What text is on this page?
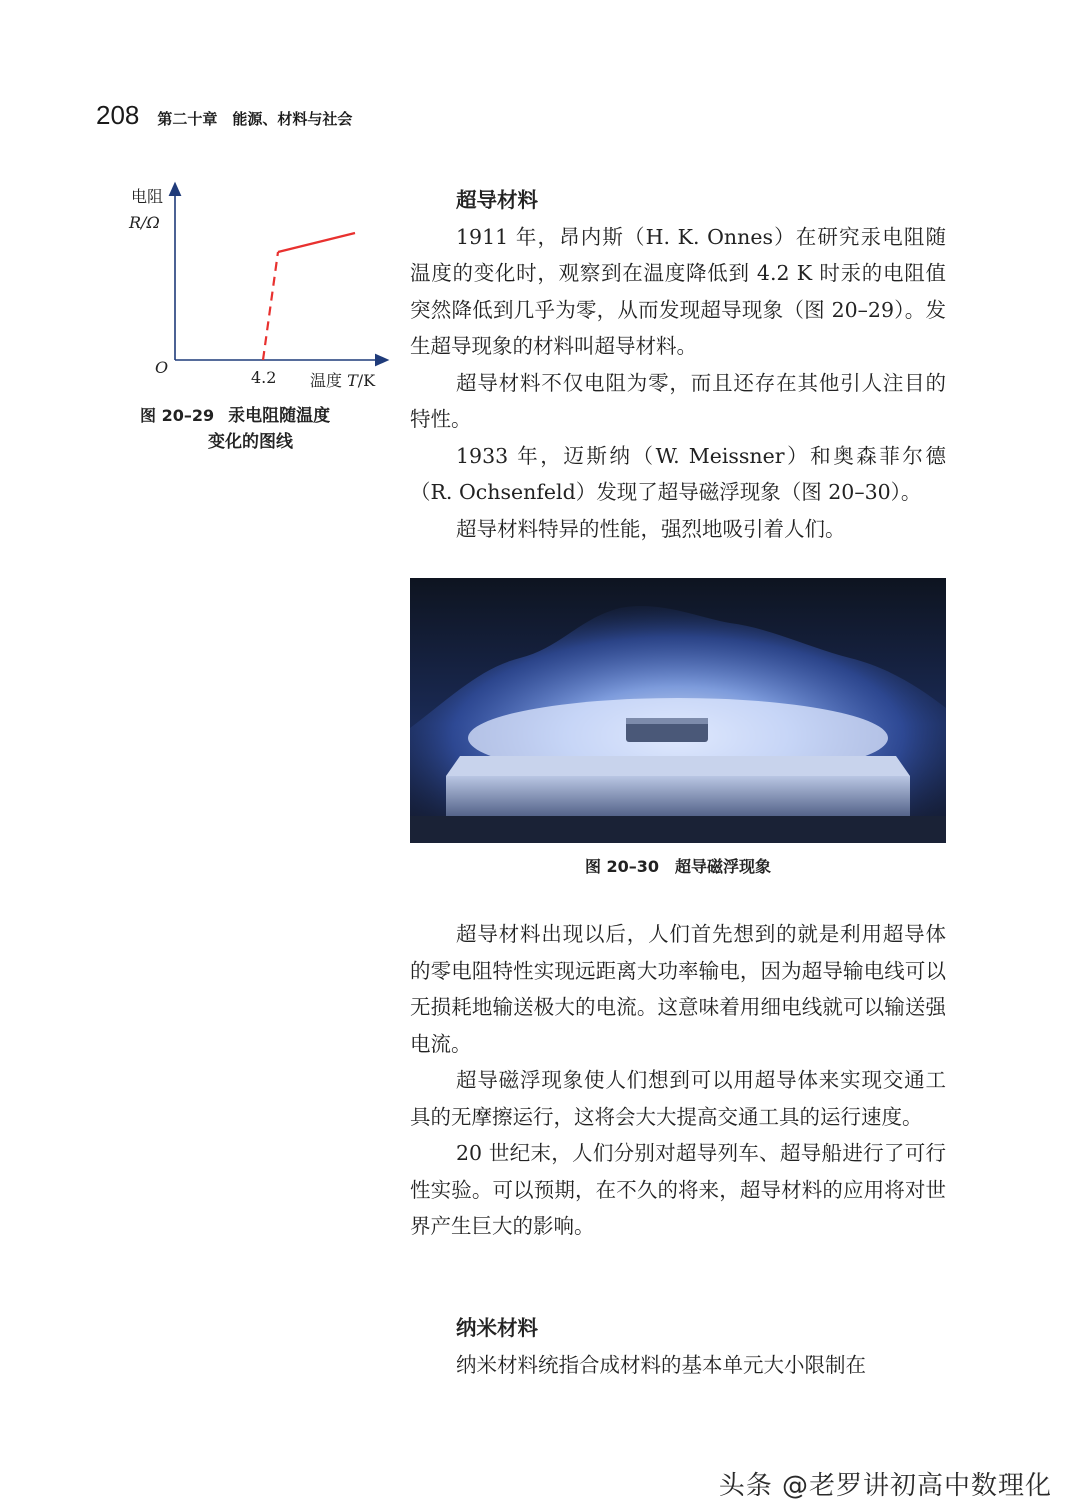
208 第二十章　能源、材料与社会
电阻
R/Ω
O
4.2 温度 T/K
图 20–29 汞电阻随温度
变化的图线
超导材料

1911 年，昂内斯（H. K. Onnes）在研究汞电阻随温度的变化时，观察到在温度降低到 4.2 K 时汞的电阻值突然降低到几乎为零，从而发现超导现象（图 20–29）。发生超导现象的材料叫超导材料。

超导材料不仅电阻为零，而且还存在其他引人注目的特性。

1933 年，迈斯纳（W. Meissner）和奥森菲尔德（R. Ochsenfeld）发现了超导磁浮现象（图 20–30）。

超导材料特异的性能，强烈地吸引着人们。

图 20–30 超导磁浮现象

超导材料出现以后，人们首先想到的就是利用超导体的零电阻特性实现远距离大功率输电，因为超导输电线可以无损耗地输送极大的电流。这意味着用细电线就可以输送强电流。

超导磁浮现象使人们想到可以用超导体来实现交通工具的无摩擦运行，这将会大大提高交通工具的运行速度。

20 世纪末，人们分别对超导列车、超导船进行了可行性实验。可以预期，在不久的将来，超导材料的应用将对世界产生巨大的影响。

纳米材料

纳米材料统指合成材料的基本单元大小限制在

头条 @老罗讲初高中数理化
